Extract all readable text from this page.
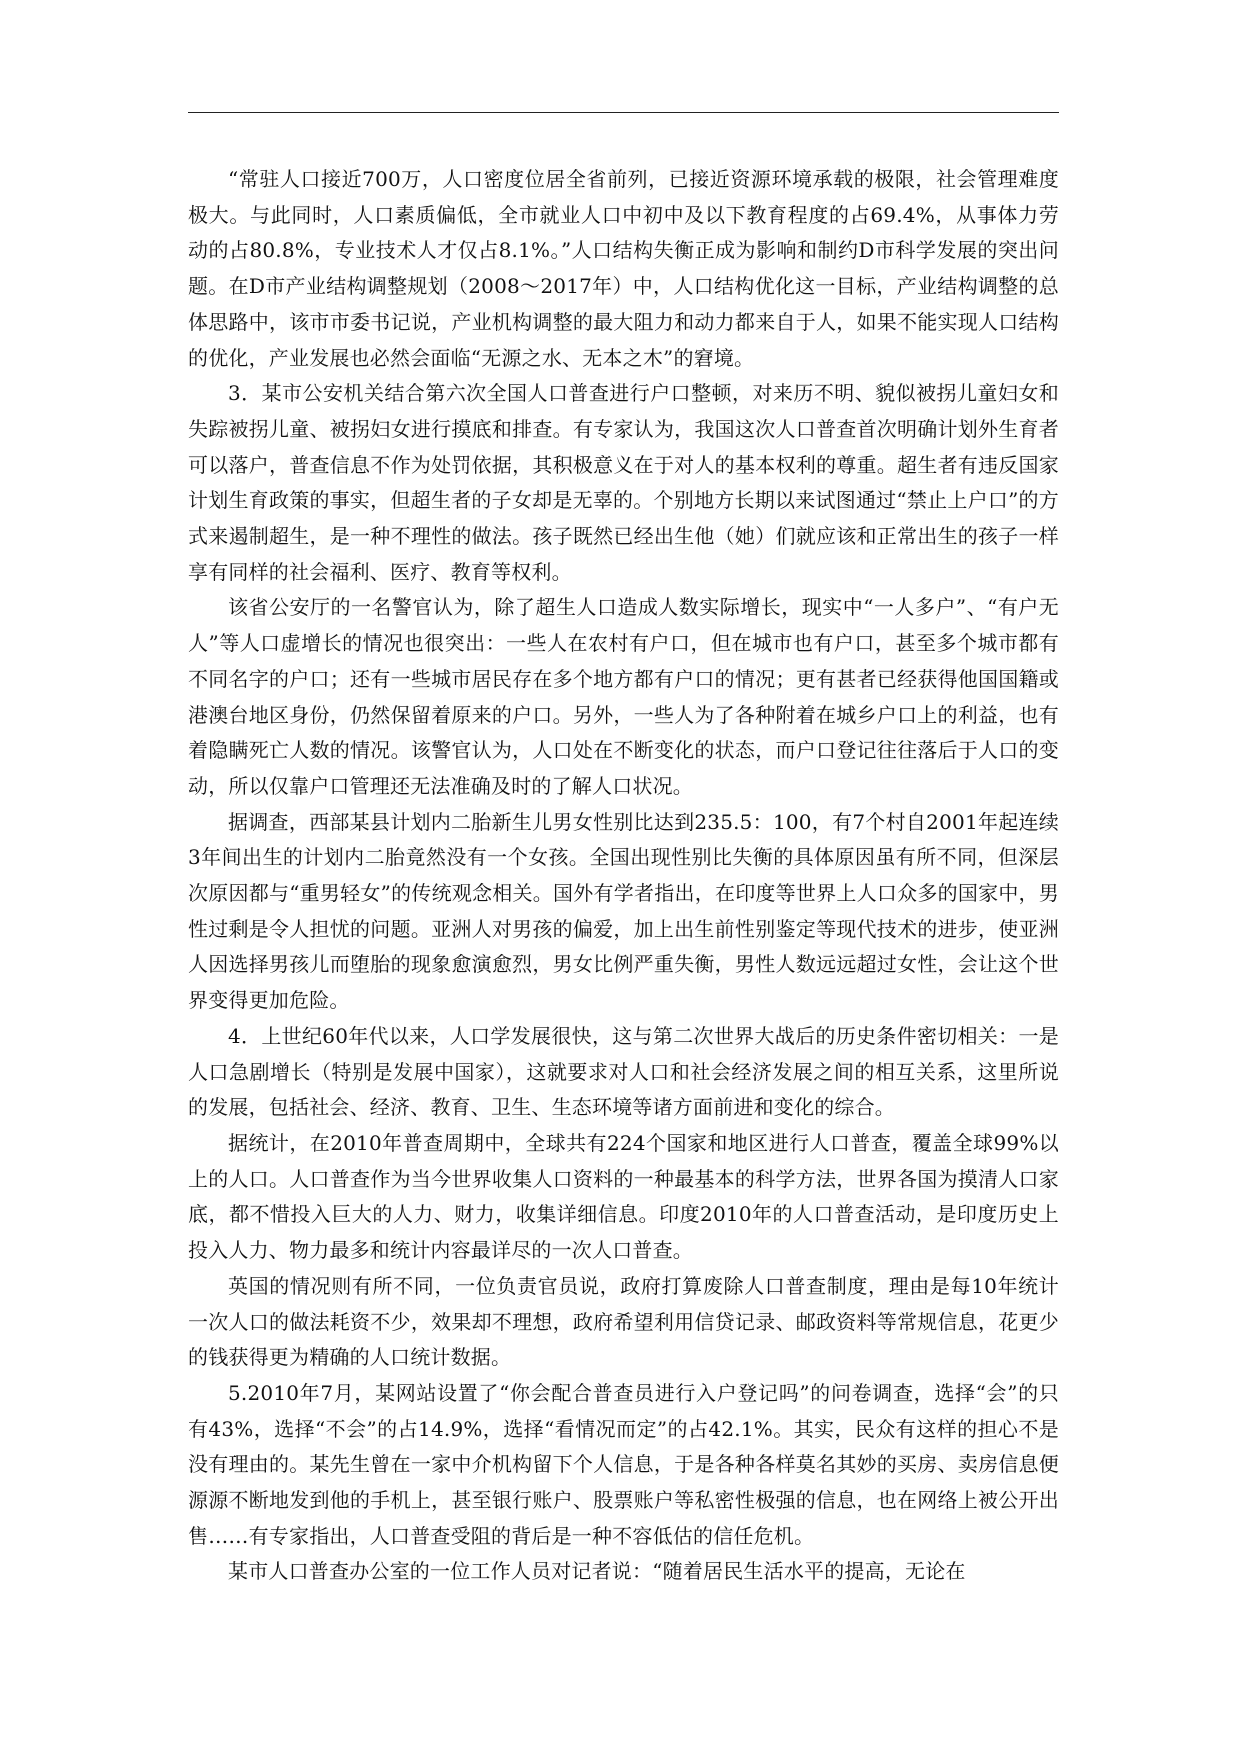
“常驻人口接近700万，人口密度位居全省前列，已接近资源环境承载的极限，社会管理难度极大。与此同时，人口素质偏低，全市就业人口中初中及以下教育程度的占69.4%，从事体力劳动的占80.8%，专业技术人才仅占8.1%。”人口结构失衡正成为影响和制约D市科学发展的突出问题。在D市产业结构调整规划（2008～2017年）中，人口结构优化这一目标，产业结构调整的总体思路中，该市市委书记说，产业机构调整的最大阻力和动力都来自于人，如果不能实现人口结构的优化，产业发展也必然会面临“无源之水、无本之木”的窘境。

3．某市公安机关结合第六次全国人口普查进行户口整顿，对来历不明、貌似被拐儿童妇女和失踪被拐儿童、被拐妇女进行摸底和排查。有专家认为，我国这次人口普查首次明确计划外生育者可以落户，普查信息不作为处罚依据，其积极意义在于对人的基本权利的尊重。超生者有违反国家计划生育政策的事实，但超生者的子女却是无辜的。个别地方长期以来试图通过“禁止上户口”的方式来遏制超生，是一种不理性的做法。孩子既然已经出生他（她）们就应该和正常出生的孩子一样享有同样的社会福利、医疗、教育等权利。

该省公安厅的一名警官认为，除了超生人口造成人数实际增长，现实中“一人多户”、“有户无人”等人口虚增长的情况也很突出：一些人在农村有户口，但在城市也有户口，甚至多个城市都有不同名字的户口；还有一些城市居民存在多个地方都有户口的情况；更有甚者已经获得他国国籍或港澳台地区身份，仍然保留着原来的户口。另外，一些人为了各种附着在城乡户口上的利益，也有着隐瞒死亡人数的情况。该警官认为，人口处在不断变化的状态，而户口登记往往落后于人口的变动，所以仅靠户口管理还无法准确及时的了解人口状况。

据调查，西部某县计划内二胎新生儿男女性别比达到235.5：100，有7个村自2001年起连续3年间出生的计划内二胎竟然没有一个女孩。全国出现性别比失衡的具体原因虽有所不同，但深层次原因都与“重男轻女”的传统观念相关。国外有学者指出，在印度等世界上人口众多的国家中，男性过剩是令人担忧的问题。亚洲人对男孩的偏爱，加上出生前性别鉴定等现代技术的进步，使亚洲人因选择男孩儿而堕胎的现象愈演愈烈，男女比例严重失衡，男性人数远远超过女性，会让这个世界变得更加危险。

4．上世纪60年代以来，人口学发展很快，这与第二次世界大战后的历史条件密切相关：一是人口急剧增长（特别是发展中国家），这就要求对人口和社会经济发展之间的相互关系，这里所说的发展，包括社会、经济、教育、卫生、生态环境等诸方面前进和变化的综合。

据统计，在2010年普查周期中，全球共有224个国家和地区进行人口普查，覆盖全球99%以上的人口。人口普查作为当今世界收集人口资料的一种最基本的科学方法，世界各国为摸清人口家底，都不惜投入巨大的人力、财力，收集详细信息。印度2010年的人口普查活动，是印度历史上投入人力、物力最多和统计内容最详尽的一次人口普查。

英国的情况则有所不同，一位负责官员说，政府打算废除人口普查制度，理由是每10年统计一次人口的做法耗资不少，效果却不理想，政府希望利用信贷记录、邮政资料等常规信息，花更少的钱获得更为精确的人口统计数据。

5.2010年7月，某网站设置了“你会配合普查员进行入户登记吗”的问卷调查，选择“会”的只有43%，选择“不会”的占14.9%，选择“看情况而定”的占42.1%。其实，民众有这样的担心不是没有理由的。某先生曾在一家中介机构留下个人信息，于是各种各样莫名其妙的买房、卖房信息便源源不断地发到他的手机上，甚至银行账户、股票账户等私密性极强的信息，也在网络上被公开出售……有专家指出，人口普查受阻的背后是一种不容低估的信任危机。

某市人口普查办公室的一位工作人员对记者说：“随着居民生活水平的提高，无论在
